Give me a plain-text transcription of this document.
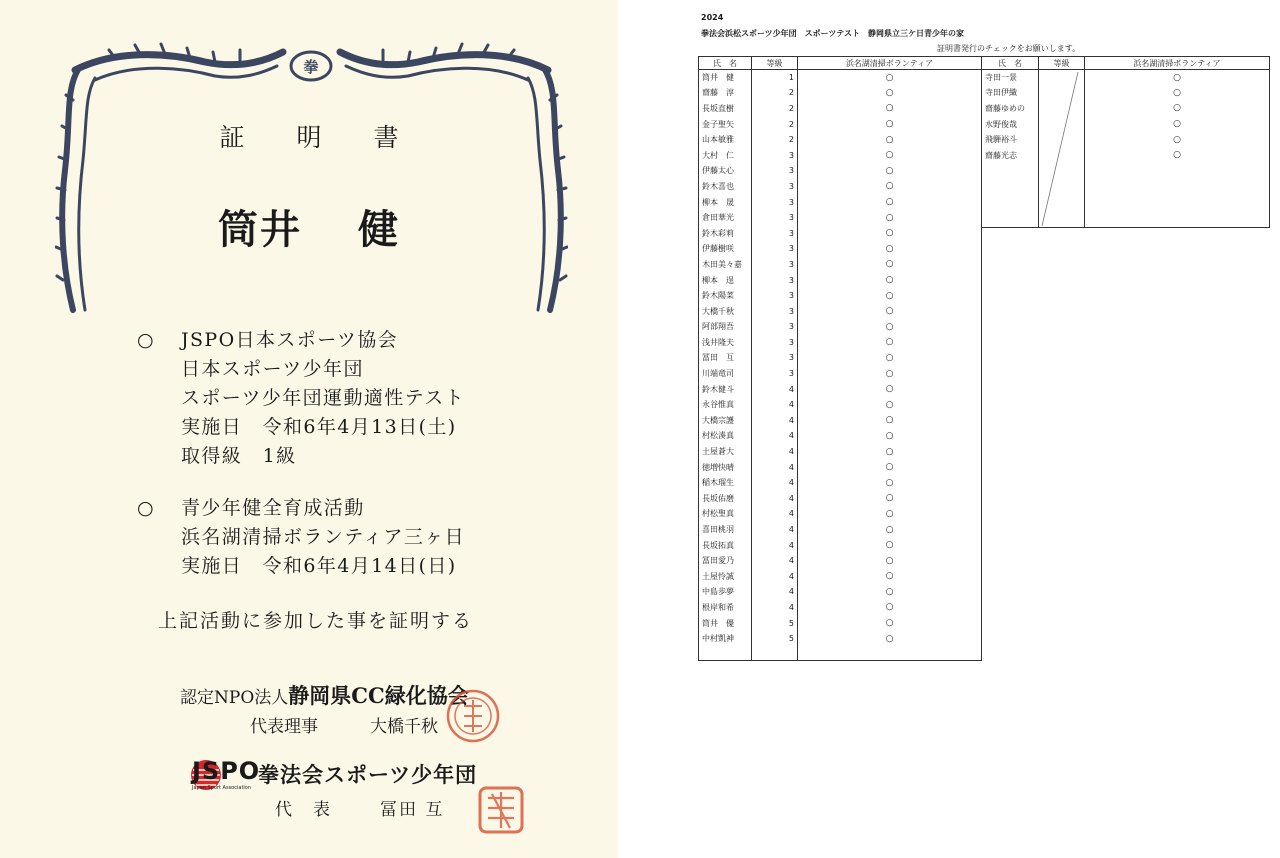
拳
証 明 書
筒井 健
○ JSPO日本スポーツ協会
日本スポーツ少年団
スポーツ少年団運動適性テスト
実施日　 令和6年4月13日(土)
取得級　 1級
○ 青少年健全育成活動
浜名湖清掃ボランティア三ヶ日
実施日　 令和6年4月14日(日)
上記活動に参加した事を証明する
認定NPO法人静岡県CC緑化協会
代表理事	大橋千秋
JSPO
Japan Sport Association
拳法会スポーツ少年団
代　表	冨田 互
2024
拳法会浜松スポーツ少年団　スポーツテスト　静岡県立三ケ日青少年の家
証明書発行のチェックをお願いします。
氏　名	等級	浜名湖清掃ボランティア
筒井　健	1	○
齋藤　淳	2	○
長坂直樹	2	○
金子聖矢	2	○
山本敏雅	2	○
大村　仁	3	○
伊藤太心	3	○
鈴木喜也	3	○
柳本　晟	3	○
倉田華光	3	○
鈴木彩莉	3	○
伊藤樹咲	3	○
木田美々嘉	3	○
柳本　逞	3	○
鈴木陽菜	3	○
大橋千秋	3	○
阿部翔吾	3	○
浅井隆夫	3	○
冨田　互	3	○
川端竜司	3	○
鈴木健斗	4	○
永谷惟真	4	○
大橋宗護	4	○
村松湊真	4	○
土屋蒼大	4	○
徳増快晴	4	○
稲木瑠生	4	○
長坂佑磨	4	○
村松聖真	4	○
喜田桃羽	4	○
長坂拓真	4	○
冨田愛乃	4	○
土屋怜誠	4	○
中島歩夢	4	○
根岸和希	4	○
筒井　優	5	○
中村凱神	5	○

氏　名	等級	浜名湖清掃ボランティア
寺田一景		○
寺田伊織		○
齋藤ゆめの		○
水野俊哉		○
飛騨裕斗		○
齋藤光志		○
